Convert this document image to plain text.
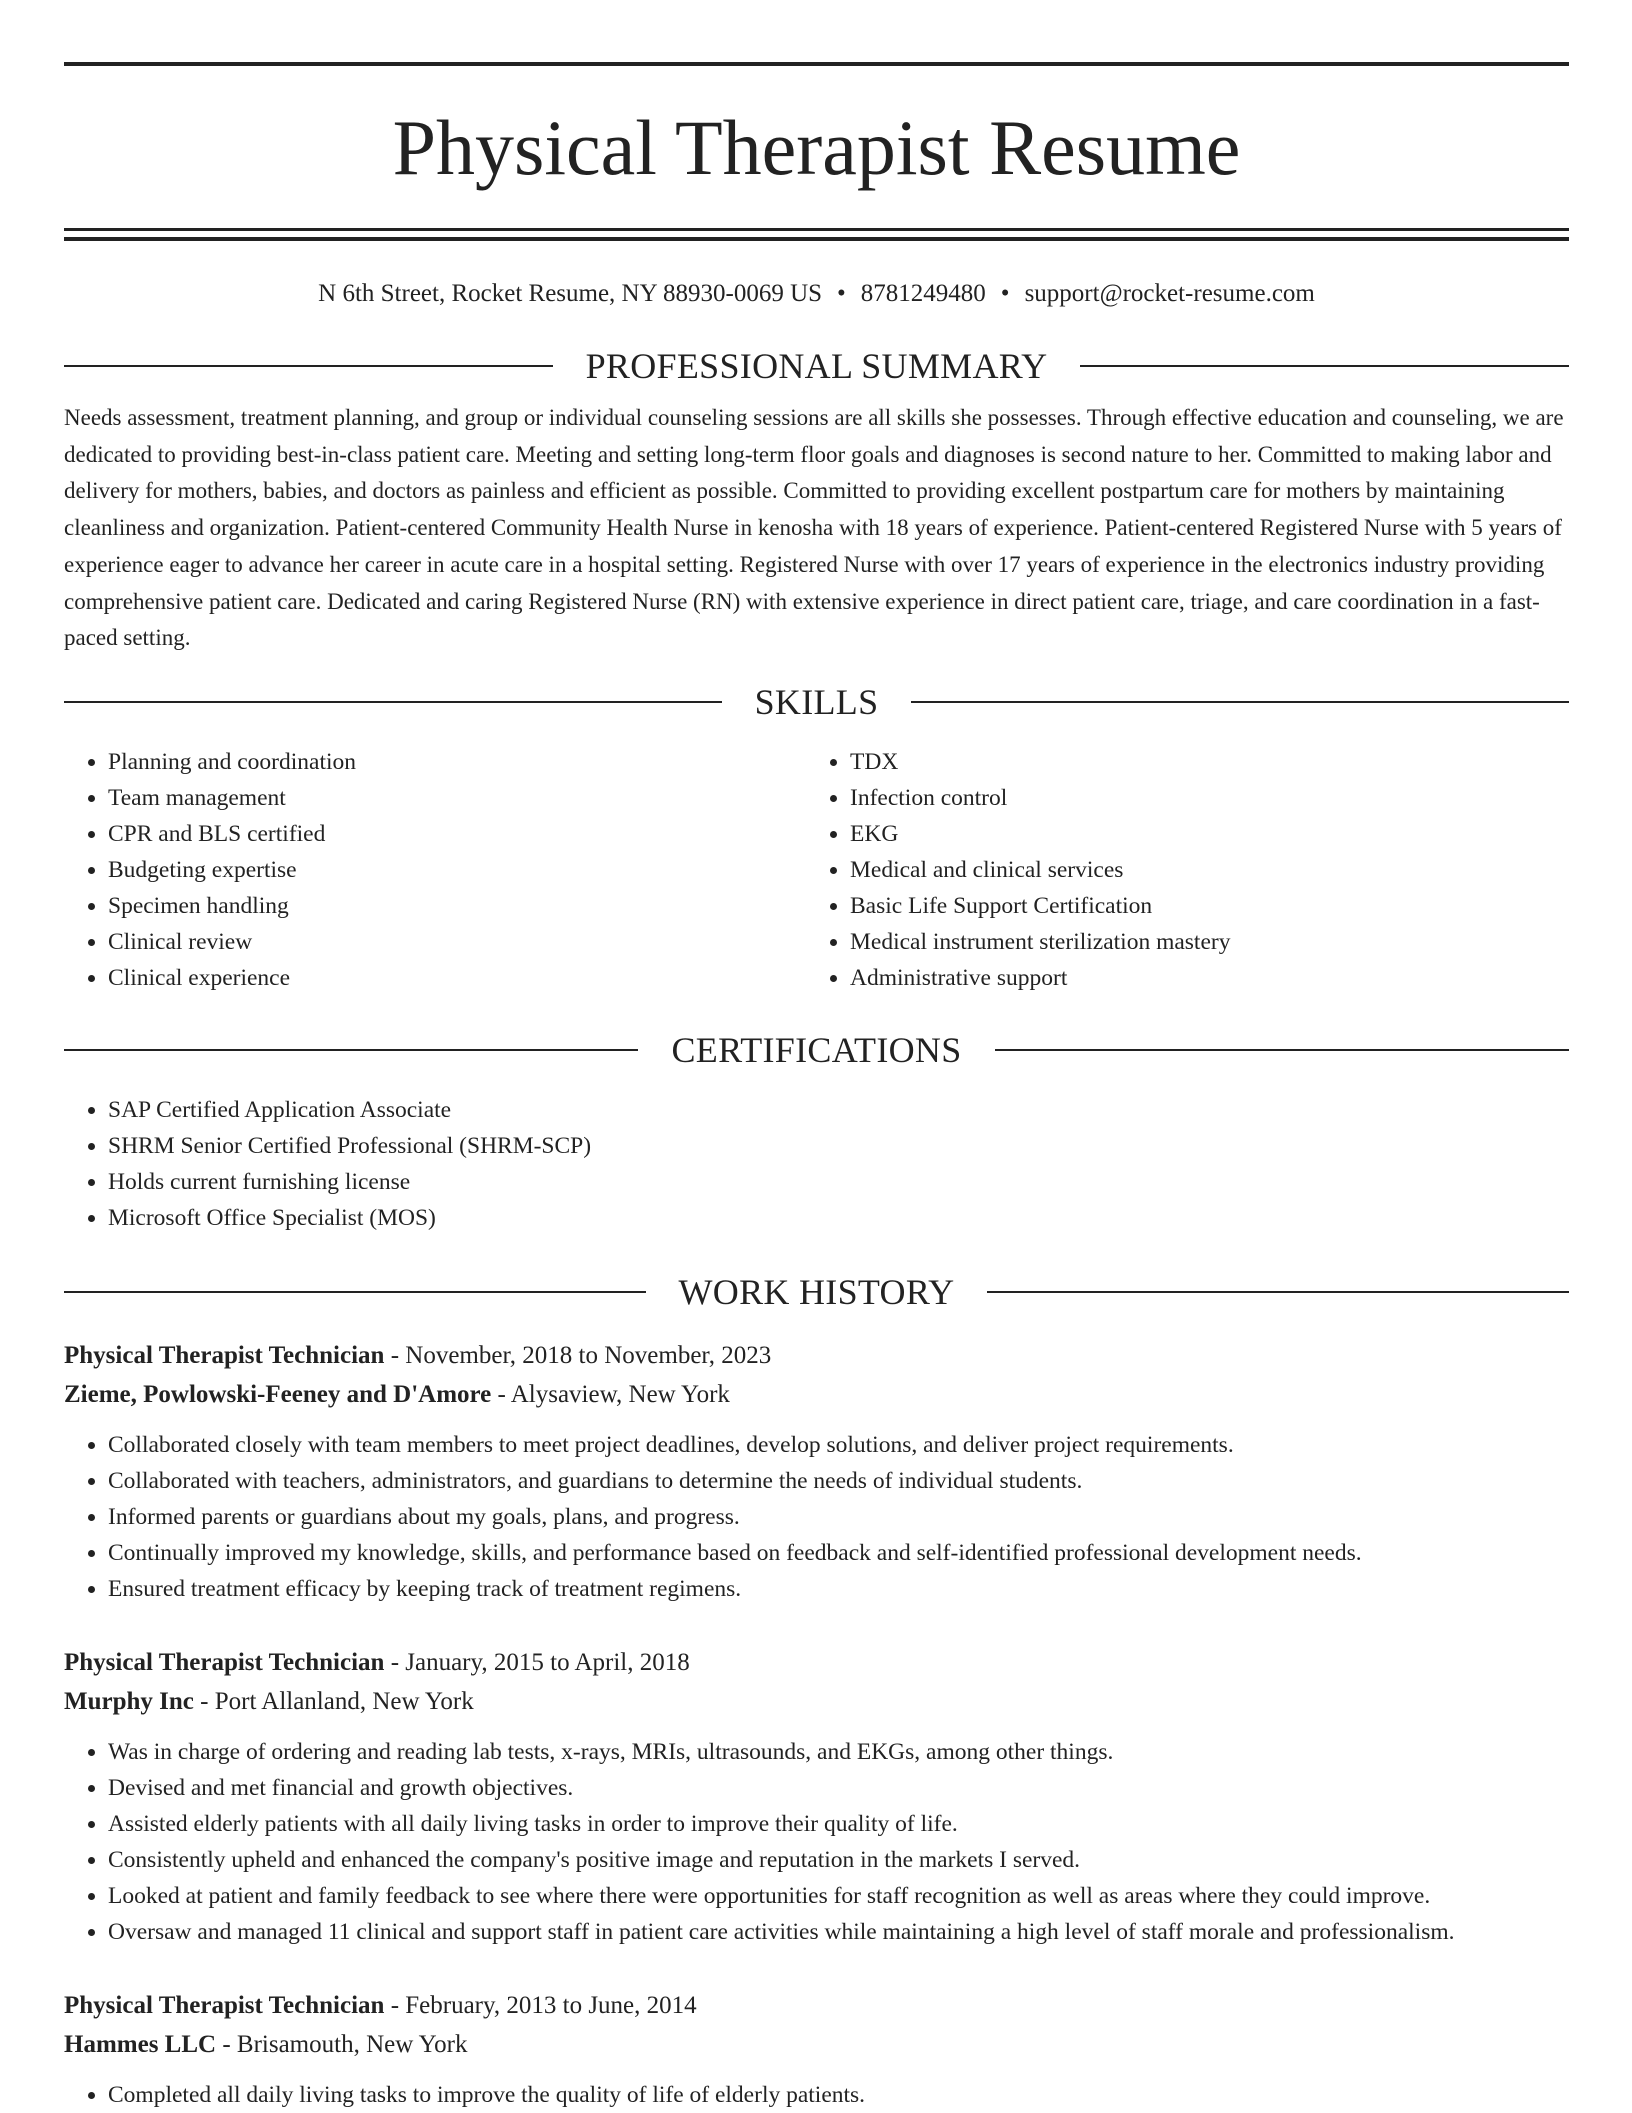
Physical Therapist Resume
N 6th Street, Rocket Resume, NY 88930-0069 US • 8781249480 • support@rocket-resume.com
PROFESSIONAL SUMMARY

Needs assessment, treatment planning, and group or individual counseling sessions are all skills she possesses. Through effective education and counseling, we are dedicated to providing best-in-class patient care. Meeting and setting long-term floor goals and diagnoses is second nature to her. Committed to making labor and delivery for mothers, babies, and doctors as painless and efficient as possible. Committed to providing excellent postpartum care for mothers by maintaining cleanliness and organization. Patient-centered Community Health Nurse in kenosha with 18 years of experience. Patient-centered Registered Nurse with 5 years of experience eager to advance her career in acute care in a hospital setting. Registered Nurse with over 17 years of experience in the electronics industry providing comprehensive patient care. Dedicated and caring Registered Nurse (RN) with extensive experience in direct patient care, triage, and care coordination in a fast-paced setting.

SKILLS
• Planning and coordination
• Team management
• CPR and BLS certified
• Budgeting expertise
• Specimen handling
• Clinical review
• Clinical experience
• TDX
• Infection control
• EKG
• Medical and clinical services
• Basic Life Support Certification
• Medical instrument sterilization mastery
• Administrative support
CERTIFICATIONS
• SAP Certified Application Associate
• SHRM Senior Certified Professional (SHRM-SCP)
• Holds current furnishing license
• Microsoft Office Specialist (MOS)
WORK HISTORY
Physical Therapist Technician - November, 2018 to November, 2023
Zieme, Powlowski-Feeney and D'Amore - Alysaview, New York
• Collaborated closely with team members to meet project deadlines, develop solutions, and deliver project requirements.
• Collaborated with teachers, administrators, and guardians to determine the needs of individual students.
• Informed parents or guardians about my goals, plans, and progress.
• Continually improved my knowledge, skills, and performance based on feedback and self-identified professional development needs.
• Ensured treatment efficacy by keeping track of treatment regimens.
Physical Therapist Technician - January, 2015 to April, 2018
Murphy Inc - Port Allanland, New York
• Was in charge of ordering and reading lab tests, x-rays, MRIs, ultrasounds, and EKGs, among other things.
• Devised and met financial and growth objectives.
• Assisted elderly patients with all daily living tasks in order to improve their quality of life.
• Consistently upheld and enhanced the company's positive image and reputation in the markets I served.
• Looked at patient and family feedback to see where there were opportunities for staff recognition as well as areas where they could improve.
• Oversaw and managed 11 clinical and support staff in patient care activities while maintaining a high level of staff morale and professionalism.
Physical Therapist Technician - February, 2013 to June, 2014
Hammes LLC - Brisamouth, New York
• Completed all daily living tasks to improve the quality of life of elderly patients.
